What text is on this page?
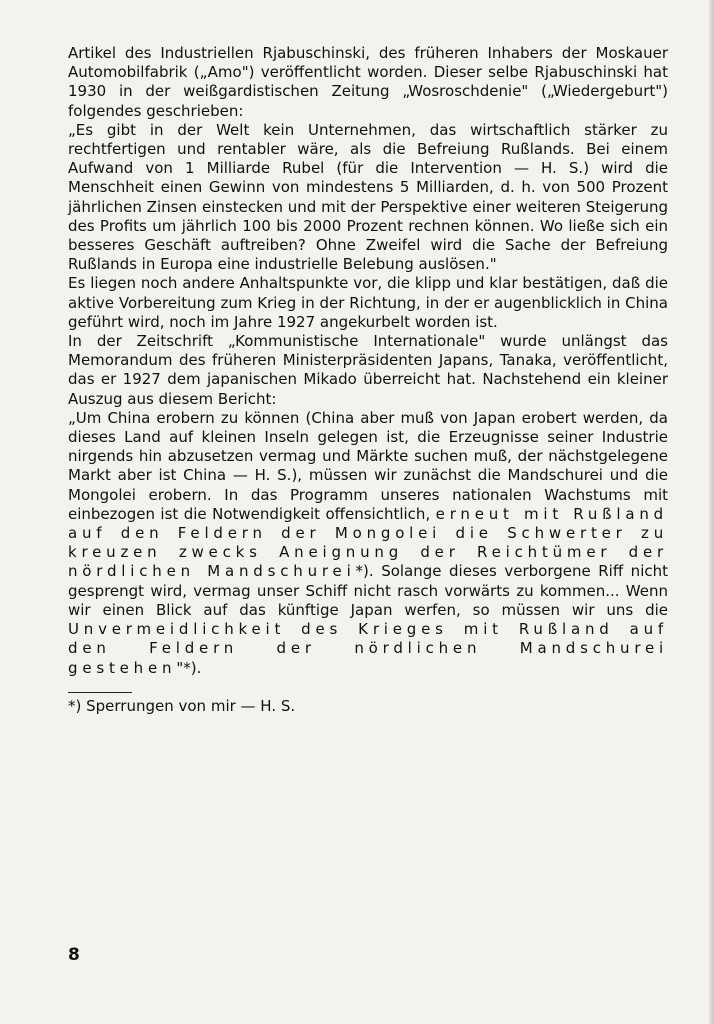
Artikel des Industriellen Rjabuschinski, des früheren Inhabers der Moskauer Automobilfabrik („Amo") veröffentlicht worden. Dieser selbe Rjabuschinski hat 1930 in der weißgardistischen Zeitung „Wosroschdenie" („Wiedergeburt") folgendes geschrieben:

„Es gibt in der Welt kein Unternehmen, das wirtschaftlich stärker zu rechtfertigen und rentabler wäre, als die Befreiung Rußlands. Bei einem Aufwand von 1 Milliarde Rubel (für die Intervention — H. S.) wird die Menschheit einen Gewinn von mindestens 5 Milliarden, d. h. von 500 Prozent jährlichen Zinsen einstecken und mit der Perspektive einer weiteren Steigerung des Profits um jährlich 100 bis 2000 Prozent rechnen können. Wo ließe sich ein besseres Geschäft auftreiben? Ohne Zweifel wird die Sache der Befreiung Rußlands in Europa eine industrielle Belebung auslösen."

Es liegen noch andere Anhaltspunkte vor, die klipp und klar bestätigen, daß die aktive Vorbereitung zum Krieg in der Richtung, in der er augenblicklich in China geführt wird, noch im Jahre 1927 angekurbelt worden ist.

In der Zeitschrift „Kommunistische Internationale" wurde unlängst das Memorandum des früheren Ministerpräsidenten Japans, Tanaka, veröffentlicht, das er 1927 dem japanischen Mikado überreicht hat. Nachstehend ein kleiner Auszug aus diesem Bericht:

„Um China erobern zu können (China aber muß von Japan erobert werden, da dieses Land auf kleinen Inseln gelegen ist, die Erzeugnisse seiner Industrie nirgends hin abzusetzen vermag und Märkte suchen muß, der nächstgelegene Markt aber ist China — H. S.), müssen wir zunächst die Mandschurei und die Mongolei erobern. In das Programm unseres nationalen Wachstums mit einbezogen ist die Notwendigkeit offensichtlich, erneut mit Rußland auf den Feldern der Mongolei die Schwerter zu kreuzen zwecks Aneignung der Reichtümer der nördlichen Mandschurei*). Solange dieses verborgene Riff nicht gesprengt wird, vermag unser Schiff nicht rasch vorwärts zu kommen... Wenn wir einen Blick auf das künftige Japan werfen, so müssen wir uns die Unvermeidlichkeit des Krieges mit Rußland auf den Feldern der nördlichen Mandschurei gestehen"*).

*) Sperrungen von mir — H. S.

8
